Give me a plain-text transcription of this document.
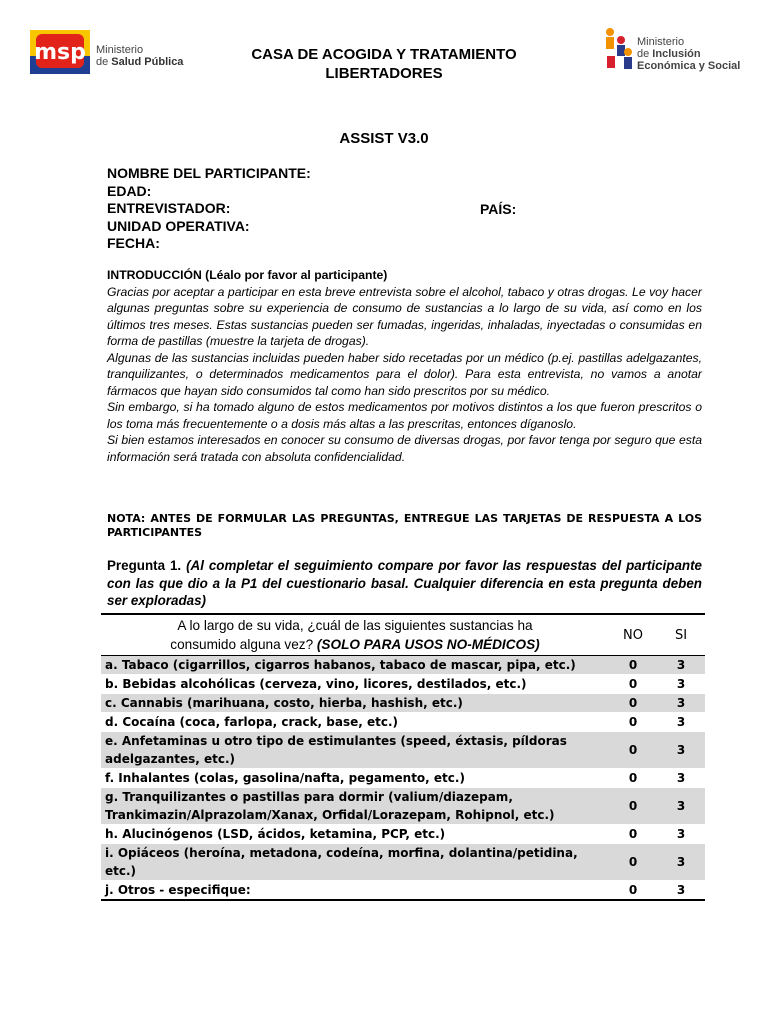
msp Ministerio
de Salud Pública
Ministerio
de Inclusión
Económica y Social
CASA DE ACOGIDA Y TRATAMIENTO
LIBERTADORES
ASSIST V3.0
NOMBRE DEL PARTICIPANTE:
EDAD:
ENTREVISTADOR:
UNIDAD OPERATIVA:
FECHA:
PAÍS:
INTRODUCCIÓN (Léalo por favor al participante)

Gracias por aceptar a participar en esta breve entrevista sobre el alcohol, tabaco y otras drogas. Le voy hacer algunas preguntas sobre su experiencia de consumo de sustancias a lo largo de su vida, así como en los últimos tres meses. Estas sustancias pueden ser fumadas, ingeridas, inhaladas, inyectadas o consumidas en forma de pastillas (muestre la tarjeta de drogas).

Algunas de las sustancias incluidas pueden haber sido recetadas por un médico (p.ej. pastillas adelgazantes, tranquilizantes, o determinados medicamentos para el dolor). Para esta entrevista, no vamos a anotar fármacos que hayan sido consumidos tal como han sido prescritos por su médico.

Sin embargo, si ha tomado alguno de estos medicamentos por motivos distintos a los que fueron prescritos o los toma más frecuentemente o a dosis más altas a las prescritas, entonces díganoslo.

Si bien estamos interesados en conocer su consumo de diversas drogas, por favor tenga por seguro que esta información será tratada con absoluta confidencialidad.

NOTA: ANTES DE FORMULAR LAS PREGUNTAS, ENTREGUE LAS TARJETAS DE RESPUESTA A LOS PARTICIPANTES
Pregunta 1. (Al completar el seguimiento compare por favor las respuestas del participante con las que dio a la P1 del cuestionario basal. Cualquier diferencia en esta pregunta deben ser exploradas)
A lo largo de su vida, ¿cuál de las siguientes sustancias ha
consumido alguna vez? (SOLO PARA USOS NO-MÉDICOS)	NO	SI
a. Tabaco (cigarrillos, cigarros habanos, tabaco de mascar, pipa, etc.)	0	3
b. Bebidas alcohólicas (cerveza, vino, licores, destilados, etc.)	0	3
c. Cannabis (marihuana, costo, hierba, hashish, etc.)	0	3
d. Cocaína (coca, farlopa, crack, base, etc.)	0	3
e. Anfetaminas u otro tipo de estimulantes (speed, éxtasis, píldoras adelgazantes, etc.)	0	3
f. Inhalantes (colas, gasolina/nafta, pegamento, etc.)	0	3
g. Tranquilizantes o pastillas para dormir (valium/diazepam, Trankimazin/Alprazolam/Xanax, Orfidal/Lorazepam, Rohipnol, etc.)	0	3
h. Alucinógenos (LSD, ácidos, ketamina, PCP, etc.)	0	3
i. Opiáceos (heroína, metadona, codeína, morfina, dolantina/petidina, etc.)	0	3
j. Otros - especifique:	0	3
